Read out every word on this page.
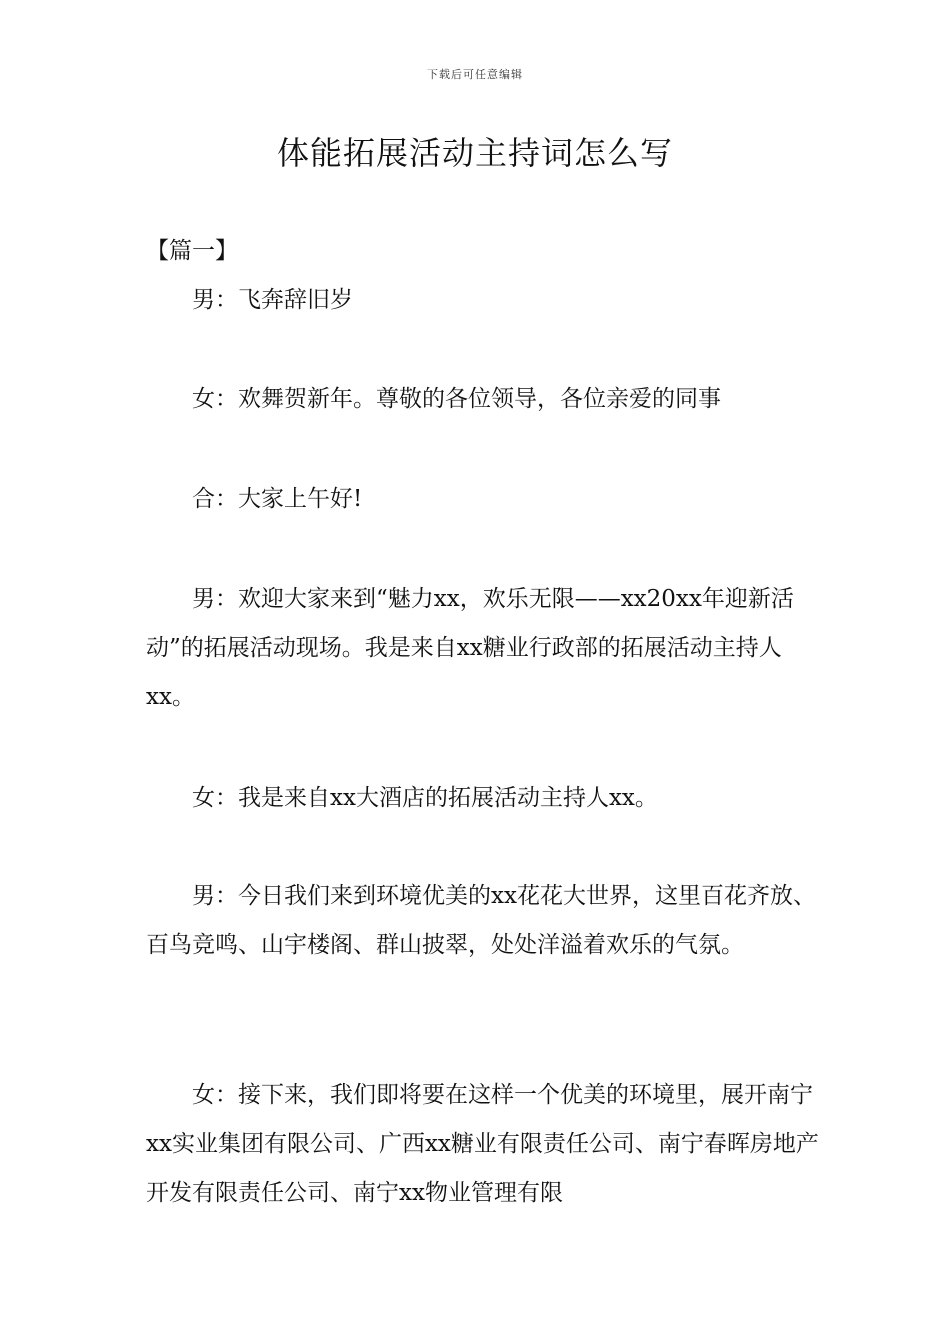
下载后可任意编辑
体能拓展活动主持词怎么写
【篇一】

男：飞奔辞旧岁

女：欢舞贺新年。尊敬的各位领导，各位亲爱的同事

合：大家上午好!

男：欢迎大家来到“魅力xx，欢乐无限——xx20xx年迎新活动”的拓展活动现场。我是来自xx糖业行政部的拓展活动主持人xx。

女：我是来自xx大酒店的拓展活动主持人xx。

男：今日我们来到环境优美的xx花花大世界，这里百花齐放、百鸟竞鸣、山宇楼阁、群山披翠，处处洋溢着欢乐的气氛。

女：接下来，我们即将要在这样一个优美的环境里，展开南宁xx实业集团有限公司、广西xx糖业有限责任公司、南宁春晖房地产开发有限责任公司、南宁xx物业管理有限
